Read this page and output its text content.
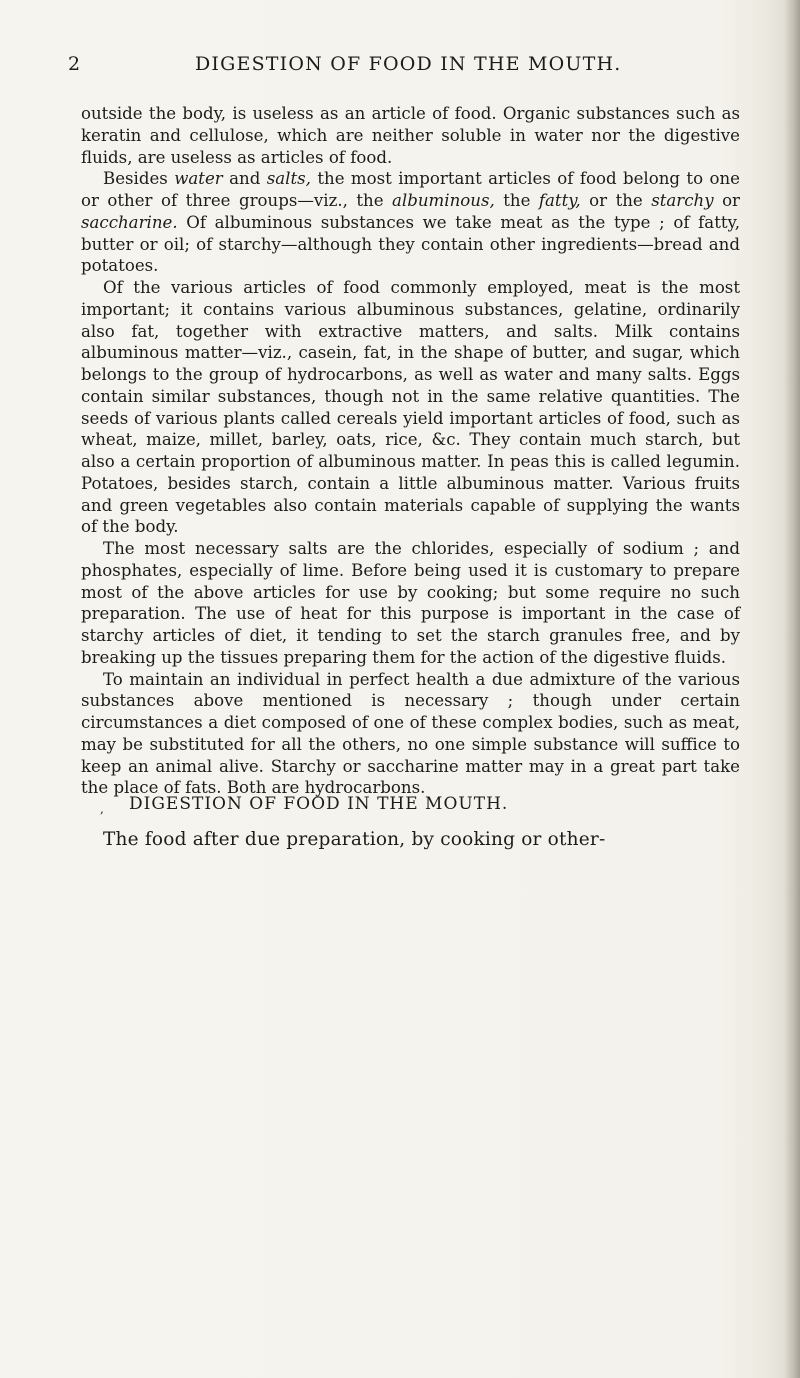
2	DIGESTION OF FOOD IN THE MOUTH.

outside the body, is useless as an article of food. Organic substances such as keratin and cellulose, which are neither soluble in water nor the digestive fluids, are useless as articles of food.

Besides water and salts, the most important articles of food belong to one or other of three groups—viz., the albuminous, the fatty, or the starchy or saccharine. Of albuminous substances we take meat as the type ; of fatty, butter or oil; of starchy—although they contain other ingredients—bread and potatoes.

Of the various articles of food commonly employed, meat is the most important; it contains various albuminous substances, gelatine, ordinarily also fat, together with extractive matters, and salts. Milk contains albuminous matter—viz., casein, fat, in the shape of butter, and sugar, which belongs to the group of hydrocarbons, as well as water and many salts. Eggs contain similar substances, though not in the same relative quantities. The seeds of various plants called cereals yield important articles of food, such as wheat, maize, millet, barley, oats, rice, &c. They contain much starch, but also a certain proportion of albuminous matter. In peas this is called legumin. Potatoes, besides starch, contain a little albuminous matter. Various fruits and green vegetables also contain materials capable of supplying the wants of the body.

The most necessary salts are the chlorides, especially of sodium ; and phosphates, especially of lime. Before being used it is customary to prepare most of the above articles for use by cooking; but some require no such preparation. The use of heat for this purpose is important in the case of starchy articles of diet, it tending to set the starch granules free, and by breaking up the tissues preparing them for the action of the digestive fluids.

To maintain an individual in perfect health a due admixture of the various substances above mentioned is necessary ; though under certain circumstances a diet composed of one of these complex bodies, such as meat, may be substituted for all the others, no one simple substance will suffice to keep an animal alive. Starchy or saccharine matter may in a great part take the place of fats. Both are hydrocarbons.

, DIGESTION OF FOOD IN THE MOUTH.

The food after due preparation, by cooking or other-
